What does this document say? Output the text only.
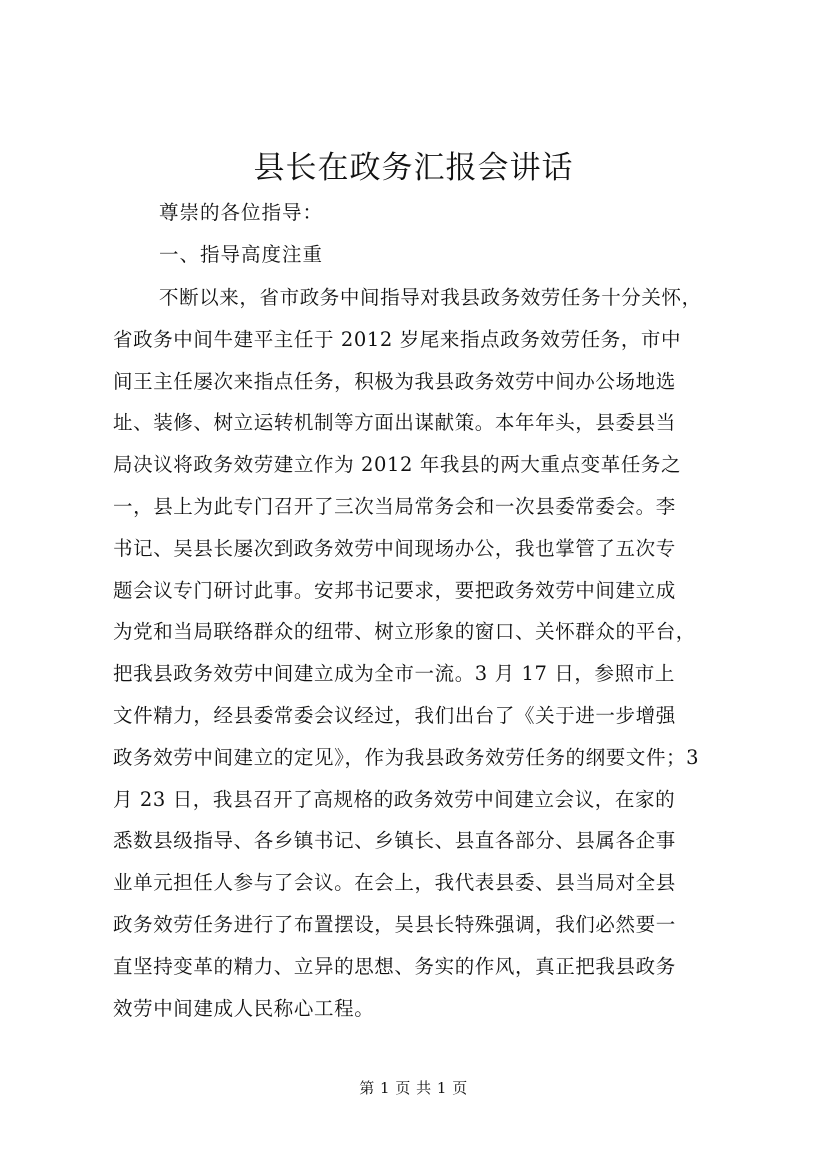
县长在政务汇报会讲话
尊崇的各位指导：
一、指导高度注重
不断以来，省市政务中间指导对我县政务效劳任务十分关怀，
省政务中间牛建平主任于 2012 岁尾来指点政务效劳任务，市中
间王主任屡次来指点任务，积极为我县政务效劳中间办公场地选
址、装修、树立运转机制等方面出谋献策。本年年头，县委县当
局决议将政务效劳建立作为 2012 年我县的两大重点变革任务之
一，县上为此专门召开了三次当局常务会和一次县委常委会。李
书记、吴县长屡次到政务效劳中间现场办公，我也掌管了五次专
题会议专门研讨此事。安邦书记要求，要把政务效劳中间建立成
为党和当局联络群众的纽带、树立形象的窗口、关怀群众的平台，
把我县政务效劳中间建立成为全市一流。3 月 17 日，参照市上
文件精力，经县委常委会议经过，我们出台了《关于进一步增强
政务效劳中间建立的定见》，作为我县政务效劳任务的纲要文件；3
月 23 日，我县召开了高规格的政务效劳中间建立会议，在家的
悉数县级指导、各乡镇书记、乡镇长、县直各部分、县属各企事
业单元担任人参与了会议。在会上，我代表县委、县当局对全县
政务效劳任务进行了布置摆设，吴县长特殊强调，我们必然要一
直坚持变革的精力、立异的思想、务实的作风，真正把我县政务
效劳中间建成人民称心工程。
第 1 页 共 1 页
